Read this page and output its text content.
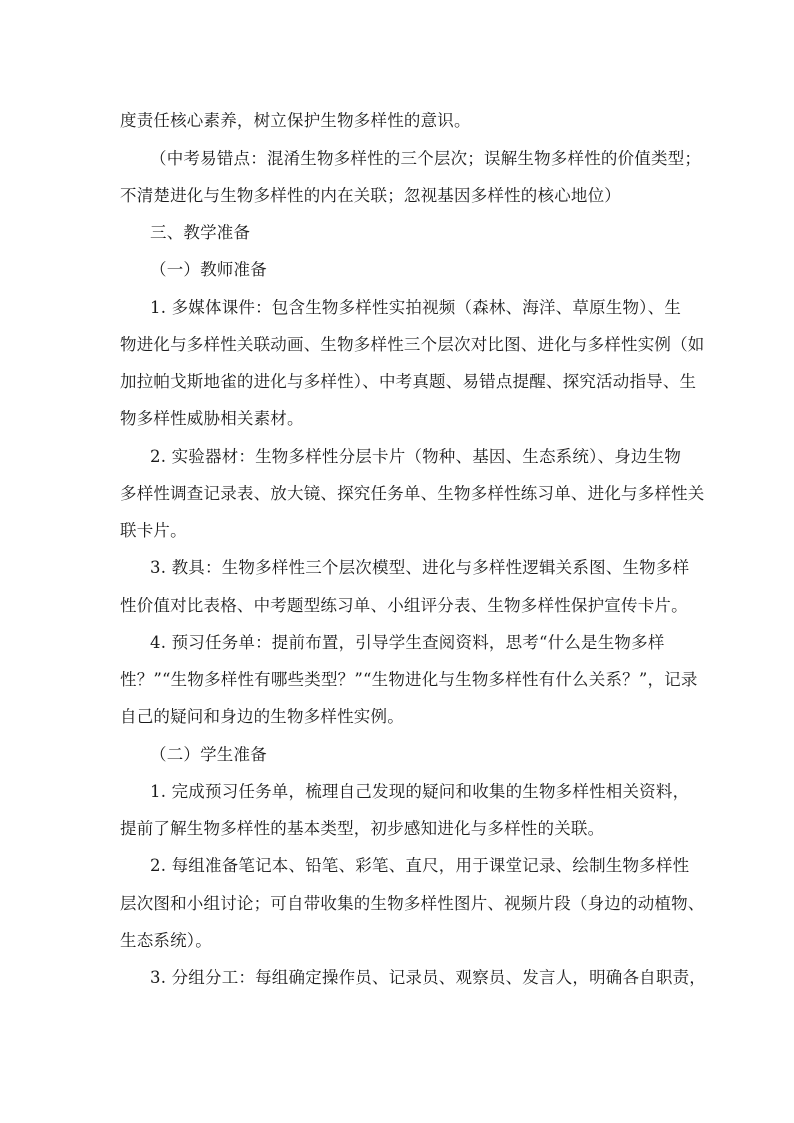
度责任核心素养，树立保护生物多样性的意识。
（中考易错点：混淆生物多样性的三个层次；误解生物多样性的价值类型；
不清楚进化与生物多样性的内在关联；忽视基因多样性的核心地位）
三、教学准备
（一）教师准备
1. 多媒体课件：包含生物多样性实拍视频（森林、海洋、草原生物）、生
物进化与多样性关联动画、生物多样性三个层次对比图、进化与多样性实例（如
加拉帕戈斯地雀的进化与多样性）、中考真题、易错点提醒、探究活动指导、生
物多样性威胁相关素材。
2. 实验器材：生物多样性分层卡片（物种、基因、生态系统）、身边生物
多样性调查记录表、放大镜、探究任务单、生物多样性练习单、进化与多样性关
联卡片。
3. 教具：生物多样性三个层次模型、进化与多样性逻辑关系图、生物多样
性价值对比表格、中考题型练习单、小组评分表、生物多样性保护宣传卡片。
4. 预习任务单：提前布置，引导学生查阅资料，思考“什么是生物多样
性？”“生物多样性有哪些类型？”“生物进化与生物多样性有什么关系？”，记录
自己的疑问和身边的生物多样性实例。
（二）学生准备
1. 完成预习任务单，梳理自己发现的疑问和收集的生物多样性相关资料，
提前了解生物多样性的基本类型，初步感知进化与多样性的关联。
2. 每组准备笔记本、铅笔、彩笔、直尺，用于课堂记录、绘制生物多样性
层次图和小组讨论；可自带收集的生物多样性图片、视频片段（身边的动植物、
生态系统）。
3. 分组分工：每组确定操作员、记录员、观察员、发言人，明确各自职责，
